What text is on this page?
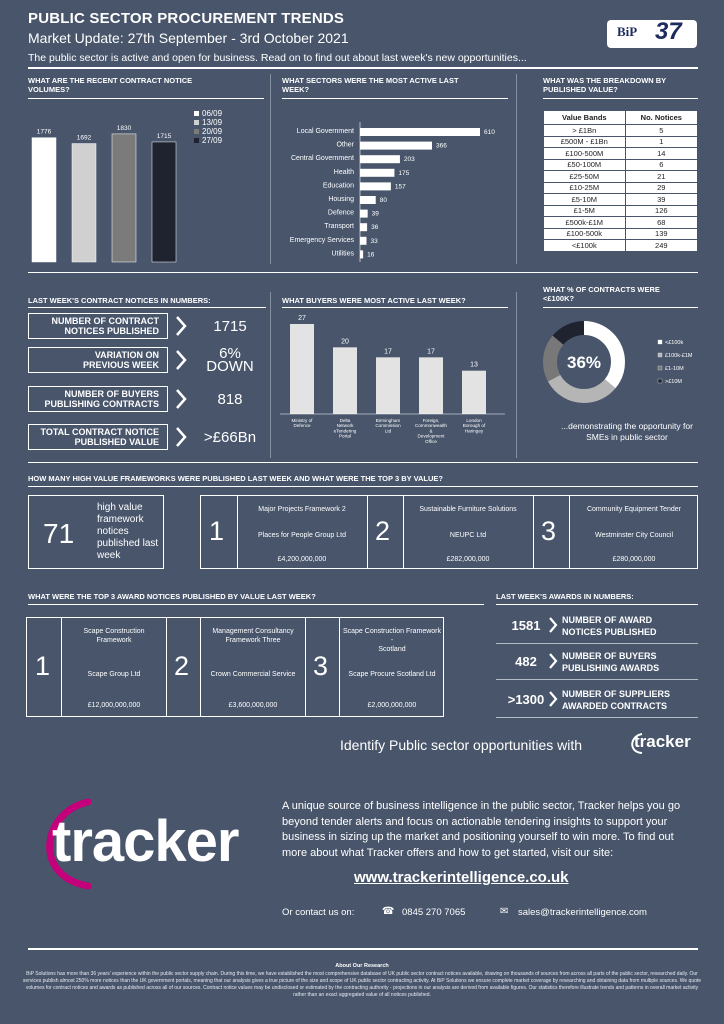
PUBLIC SECTOR PROCUREMENT TRENDS
Market Update: 27th September - 3rd October 2021
The public sector is active and open for business. Read on to find out about last week's new opportunities...
BiP 37
WHAT ARE THE RECENT CONTRACT NOTICE
VOLUMES?
1776
06/09
1692
13/09
1830	20/09
1715	27/09
WHAT SECTORS WERE THE MOST ACTIVE LAST
WEEK?
Local Government	610
Other	366
Central Government	203
Health	175
Education	157
Housing	80
Defence	39
Transport	36
Emergency Services	33
Utilities 16
WHAT WAS THE BREAKDOWN BY
PUBLISHED VALUE?
Value Bands	No. Notices
> £1Bn	5
£500M - £1Bn	1
£100-500M	14
£50-100M	6
£25-50M	21
£10-25M	29
£5-10M	39
£1-5M	126
£500k-£1M	68
£100-500k	139
<£100k	249
LAST WEEK'S CONTRACT NOTICES IN NUMBERS:
NUMBER OF CONTRACT
NOTICES PUBLISHED	1715
VARIATION ON
PREVIOUS WEEK
6%
DOWN
NUMBER OF BUYERS
PUBLISHING CONTRACTS	818
TOTAL CONTRACT NOTICE
PUBLISHED VALUE	>£66Bn
WHAT BUYERS WERE MOST ACTIVE LAST WEEK?
27
Ministry of Defence
20
Delta Network eTendering Portal
17
Birmingham Commission Ltd
17
Foreign, Commonwealth & Development Office
13
London Borough of Haringey
WHAT % OF CONTRACTS WERE
<£100K?
36%
<£100k
£100k-£1M
£1-10M
>£10M
...demonstrating the opportunity for
SMEs in public sector
HOW MANY HIGH VALUE FRAMEWORKS WERE PUBLISHED LAST WEEK AND WHAT WERE THE TOP 3 BY VALUE?
71
high value
framework
notices
published last
week
1
Major Projects Framework 2
Places for People Group Ltd
£4,200,000,000
2
Sustainable Furniture Solutions
NEUPC Ltd
£282,000,000
3
Community Equipment Tender
Westminster City Council
£280,000,000
WHAT WERE THE TOP 3 AWARD NOTICES PUBLISHED BY VALUE LAST WEEK?
1
Scape Construction
Framework
Scape Group Ltd
£12,000,000,000
2
Management Consultancy
Framework Three
Crown Commercial Service
£3,600,000,000
3
Scape Construction Framework -
Scotland
Scape Procure Scotland Ltd
£2,000,000,000
LAST WEEK'S AWARDS IN NUMBERS:
1581	NUMBER OF AWARD
NOTICES PUBLISHED
482	NUMBER OF BUYERS
PUBLISHING AWARDS
>1300	NUMBER OF SUPPLIERS
AWARDED CONTRACTS
Identify Public sector opportunities with	tracker
tracker
A unique source of business intelligence in the public sector, Tracker helps you go beyond tender alerts and focus on actionable tendering insights to support your business in sizing up the market and positioning yourself to win more. To find out more about what Tracker offers and how to get started, visit our site:
www.trackerintelligence.co.uk
Or contact us on:	☎ 0845 270 7065	✉ sales@trackerintelligence.com
About Our Research
BiP Solutions has more than 36 years' experience within the public sector supply chain. During this time, we have established the most comprehensive database of UK public sector contract notices available, drawing on thousands of sources from across all parts of the public sector, researched daily. Our services publish almost 250% more notices than the UK government portals, meaning that our analysis gives a true picture of the size and scope of UK public sector contracting activity. At BiP Solutions we ensure complete market coverage by researching and obtaining data from multiple sources. We quote volumes for contract notices and awards as published across all of our sources. Contract notice values may be undisclosed or estimated by the contracting authority - projections in our analysis are derived from available figures. Our statistics therefore illustrate trends and patterns in overall market activity rather than an exact aggregated value of all notices published.
